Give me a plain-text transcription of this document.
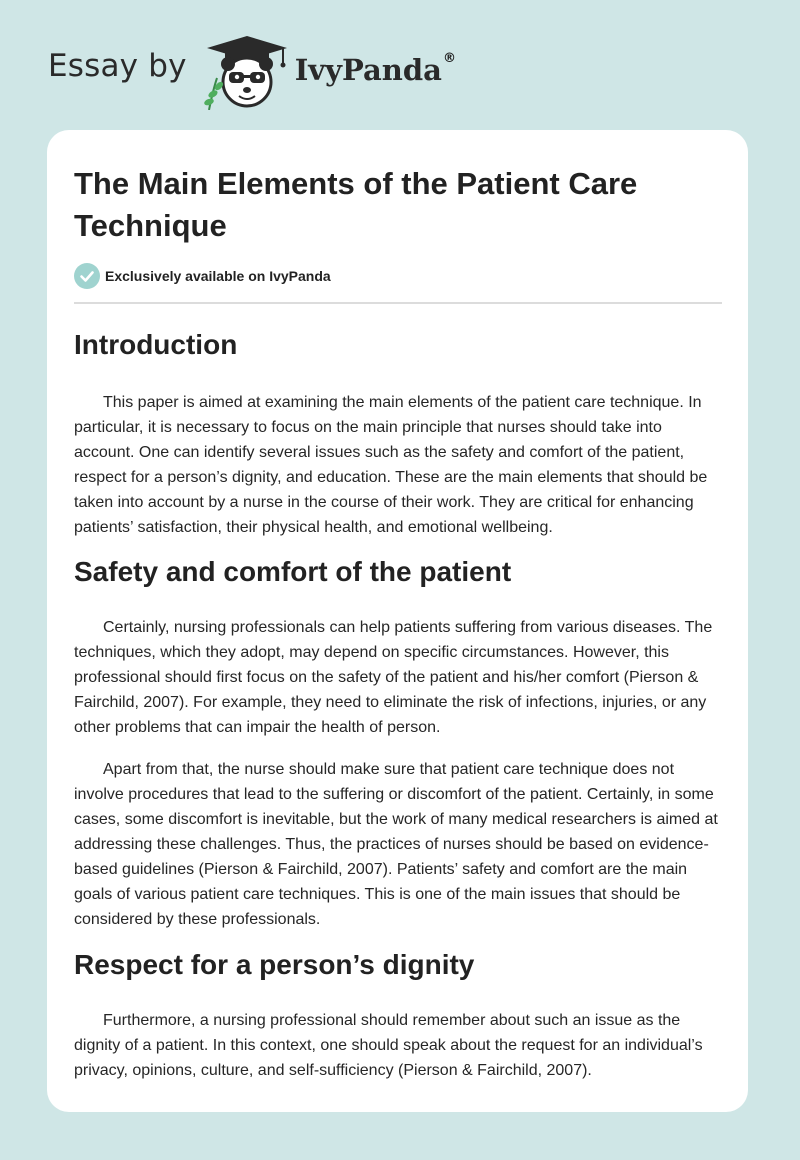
Essay by	IvyPanda ®
The Main Elements of the Patient Care Technique
Exclusively available on IvyPanda
Introduction

This paper is aimed at examining the main elements of the patient care technique. In particular, it is necessary to focus on the main principle that nurses should take into account. One can identify several issues such as the safety and comfort of the patient, respect for a person’s dignity, and education. These are the main elements that should be taken into account by a nurse in the course of their work. They are critical for enhancing patients’ satisfaction, their physical health, and emotional wellbeing.

Safety and comfort of the patient

Certainly, nursing professionals can help patients suffering from various diseases. The techniques, which they adopt, may depend on specific circumstances. However, this professional should first focus on the safety of the patient and his/her comfort (Pierson & Fairchild, 2007). For example, they need to eliminate the risk of infections, injuries, or any other problems that can impair the health of person.

Apart from that, the nurse should make sure that patient care technique does not involve procedures that lead to the suffering or discomfort of the patient. Certainly, in some cases, some discomfort is inevitable, but the work of many medical researchers is aimed at addressing these challenges. Thus, the practices of nurses should be based on evidence-based guidelines (Pierson & Fairchild, 2007). Patients’ safety and comfort are the main goals of various patient care techniques. This is one of the main issues that should be considered by these professionals.

Respect for a person’s dignity

Furthermore, a nursing professional should remember about such an issue as the dignity of a patient. In this context, one should speak about the request for an individual’s privacy, opinions, culture, and self-sufficiency (Pierson & Fairchild, 2007).
